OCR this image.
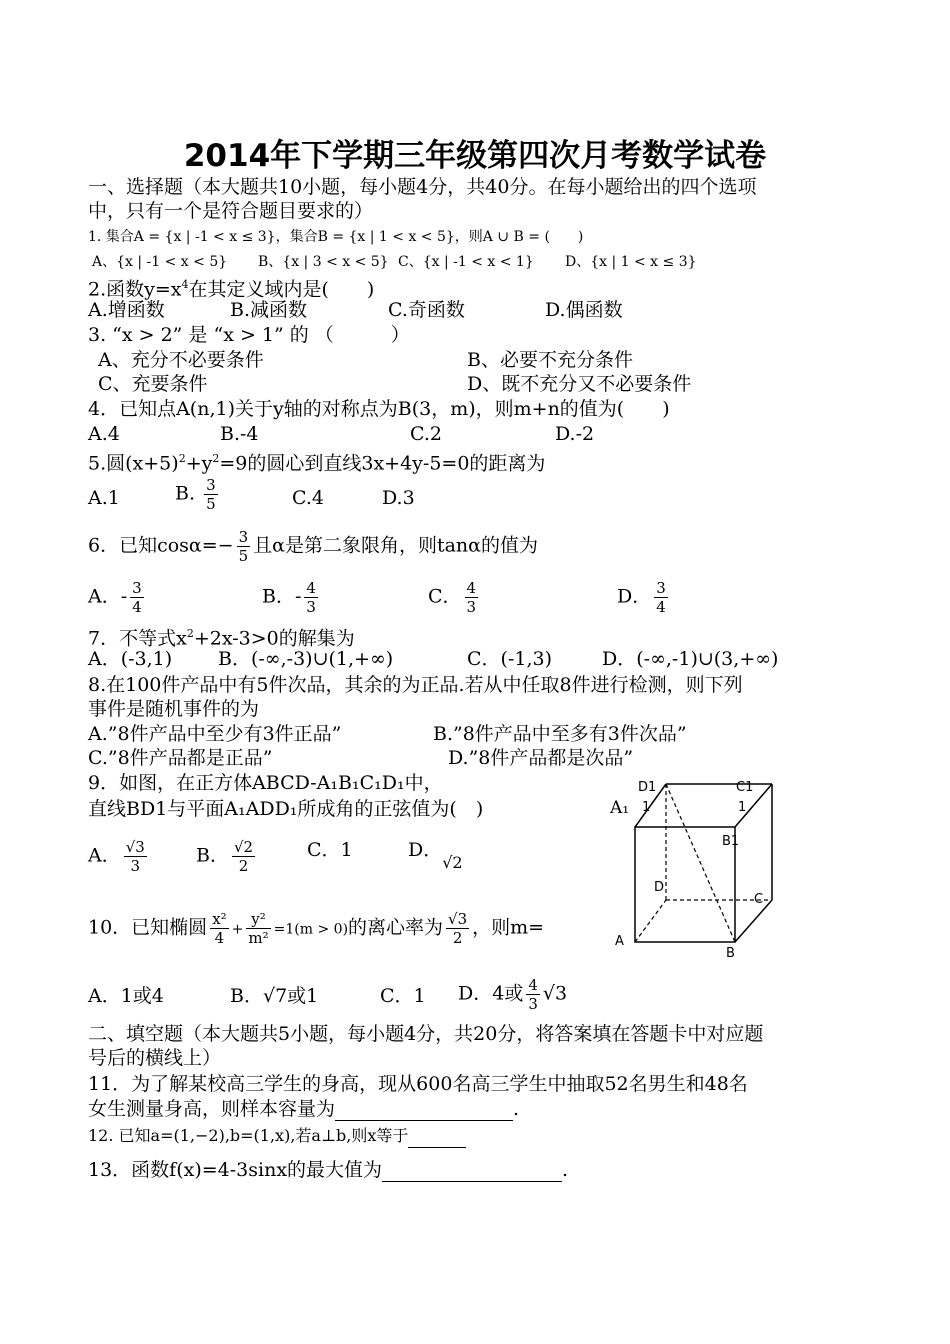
2014年下学期三年级第四次月考数学试卷
一、选择题（本大题共10小题，每小题4分，共40分。在每小题给出的四个选项
中，只有一个是符合题目要求的）
1. 集合A = {x | -1 < x ≤ 3}，集合B = {x | 1 < x < 5}，则A ∪ B = (　　)
A、{x | -1 < x < 5} B、{x | 3 < x < 5} C、{x | -1 < x < 1} D、{x | 1 < x ≤ 3}
2.函数$y=x^4$在其定义域内是(　　)
A.增函数	B.减函数	C.奇函数	D.偶函数
3. “x > 2” 是 “x > 1” 的 （　　　）
A、充分不必要条件	B、必要不充分条件
C、充要条件	D、既不充分又不必要条件
4．已知点A(n,1)关于y轴的对称点为B(3，m)，则m+n的值为(　　)
A.4	B.-4	C.2	D.-2
5.圆$(x+5)^2+y^2=9$的圆心到直线3x+4y-5=0的距离为
A.1	B. $\frac{3}{5}$	C.4	D.3
6．已知$\cos\alpha=- \frac{3}{5}$ 且α是第二象限角，则tanα的值为
A．- $\frac{3}{4}$	B．- $\frac{4}{3}$	C． $\frac{4}{3}$	D． $\frac{3}{4}$
7．不等式$x^2+2x-3>0$的解集为
A．(-3,1) B．(-∞,-3)∪(1,+∞)	C．(-1,3)	D．(-∞,-1)∪(3,+∞)
8.在100件产品中有5件次品，其余的为正品.若从中任取8件进行检测，则下列
事件是随机事件的为
A.”8件产品中至少有3件正品”	B.”8件产品中至多有3件次品”
C.”8件产品都是正品”	D.”8件产品都是次品”
9．如图，在正方体ABCD-A₁B₁C₁D₁中，
直线BD1与平面A₁ADD₁所成角的正弦值为(　)
A． $\frac{√3}{3}$	B． $\frac{√2}{2}$	C．1	D．$_{√2}$
D1
1
C1
1
A₁
B1
D
C
A
B
10．已知椭圆 $\frac{\text{x²}}{4} + \frac{\text{y²}}{\text{m²}} =1(m > 0)$的离心率为 $\frac{√3}{2}$ ，则m=
A．1或4	B．√7或1	C．1 D．4或 $\frac{4}{3} √3$
二、填空题（本大题共5小题，每小题4分，共20分，将答案填在答题卡中对应题
号后的横线上）
11．为了解某校高三学生的身高，现从600名高三学生中抽取52名男生和48名
女生测量身高，则样本容量为	.
12. 已知a=(1,−2),b=(1,x),若a⊥b,则x等于
13．函数f(x)=4-3sinx的最大值为	.
